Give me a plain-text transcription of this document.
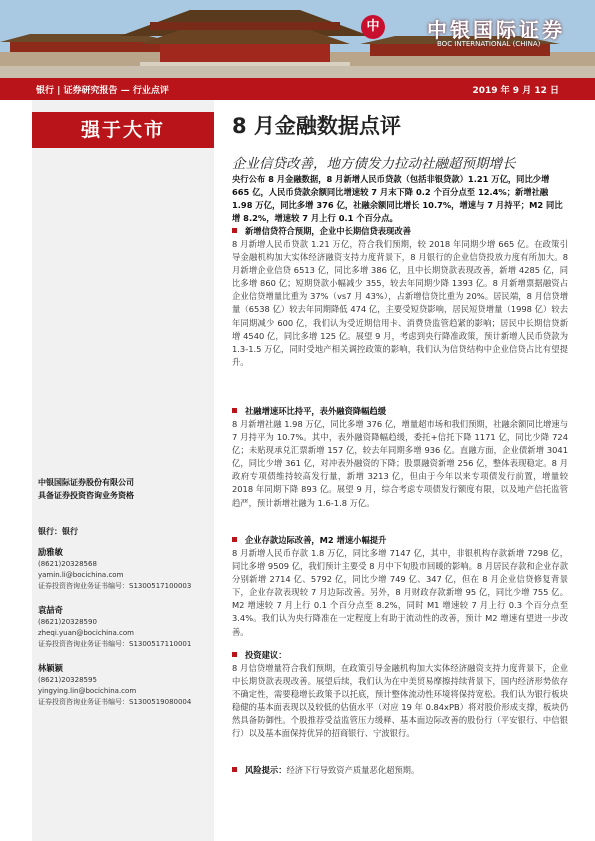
中 中银国际证券
BOC INTERNATIONAL (CHINA)
银行 | 证券研究报告 — 行业点评	2019 年 9 月 12 日
强于大市
中银国际证券股份有限公司
具备证券投资咨询业务资格
银行：银行
励雅敏
(8621)20328568
yamin.li@bocichina.com
证券投资咨询业务证书编号：S1300517100003
袁喆奇
(8621)20328590
zheqi.yuan@bocichina.com
证券投资咨询业务证书编号：S1300517110001
林颖颖
(8621)20328595
yingying.lin@bocichina.com
证券投资咨询业务证书编号：S1300519080004
8 月金融数据点评
企业信贷改善，地方债发力拉动社融超预期增长
央行公布 8 月金融数据，8 月新增人民币贷款（包括非银贷款）1.21 万亿，同比少增 665 亿，人民币贷款余额同比增速较 7 月末下降 0.2 个百分点至 12.4%；新增社融 1.98 万亿，同比多增 376 亿，社融余额同比增长 10.7%，增速与 7 月持平；M2 同比增 8.2%，增速较 7 月上行 0.1 个百分点。
新增信贷符合预期，企业中长期信贷表现改善
8 月新增人民币贷款 1.21 万亿，符合我们预期，较 2018 年同期少增 665 亿。在政策引导金融机构加大实体经济融资支持力度背景下，8 月银行的企业信贷投放力度有所加大。8 月新增企业信贷 6513 亿，同比多增 386 亿，且中长期贷款表现改善，新增 4285 亿，同比多增 860 亿；短期贷款小幅减少 355，较去年同期少降 1393 亿。8 月新增票据融资占企业信贷增量比重为 37%（vs7 月 43%），占新增信贷比重为 20%。居民端，8 月信贷增量（6538 亿）较去年同期降低 474 亿，主要受短贷影响，居民短贷增量（1998 亿）较去年同期减少 600 亿，我们认为受近期信用卡、消费贷监管趋紧的影响；居民中长期信贷新增 4540 亿，同比多增 125 亿。展望 9 月，考虑到央行降准政策，预计新增人民币贷款为 1.3-1.5 万亿，同时受地产相关调控政策的影响，我们认为信贷结构中企业信贷占比有望提升。
社融增速环比持平，表外融资降幅趋缓
8 月新增社融 1.98 万亿，同比多增 376 亿，增量超市场和我们预期，社融余额同比增速与 7 月持平为 10.7%。其中，表外融资降幅趋缓，委托+信托下降 1171 亿，同比少降 724 亿；未贴现承兑汇票新增 157 亿，较去年同期多增 936 亿。直融方面，企业债新增 3041 亿，同比少增 361 亿，对冲表外融资的下降；股票融资新增 256 亿，整体表现稳定。8 月政府专项债维持较高发行量，新增 3213 亿，但由于今年以来专项债发行前置，增量较 2018 年同期下降 893 亿。展望 9 月，综合考虑专项债发行额度有限，以及地产信托监管趋严，预计新增社融为 1.6-1.8 万亿。
企业存款边际改善，M2 增速小幅提升
8 月新增人民币存款 1.8 万亿，同比多增 7147 亿，其中，非银机构存款新增 7298 亿，同比多增 9509 亿，我们预计主要受 8 月中下旬股市回暖的影响。8 月居民存款和企业存款分别新增 2714 亿、5792 亿，同比少增 749 亿、347 亿，但在 8 月企业信贷修复背景下，企业存款表现较 7 月边际改善。另外，8 月财政存款新增 95 亿，同比少增 755 亿。M2 增速较 7 月上行 0.1 个百分点至 8.2%，同时 M1 增速较 7 月上行 0.3 个百分点至 3.4%。我们认为央行降准在一定程度上有助于流动性的改善，预计 M2 增速有望进一步改善。
投资建议：
8 月信贷增量符合我们预期，在政策引导金融机构加大实体经济融资支持力度背景下，企业中长期贷款表现改善。展望后续，我们认为在中美贸易摩擦持续背景下，国内经济形势依存不确定性，需要稳增长政策予以托底，预计整体流动性环境将保持宽松。我们认为银行板块稳健的基本面表现以及较低的估值水平（对应 19 年 0.84xPB）将对股价形成支撑，板块仍然具备防御性。个股推荐受益监管压力缓释、基本面边际改善的股份行（平安银行、中信银行）以及基本面保持优异的招商银行、宁波银行。
风险提示：经济下行导致资产质量恶化超预期。
